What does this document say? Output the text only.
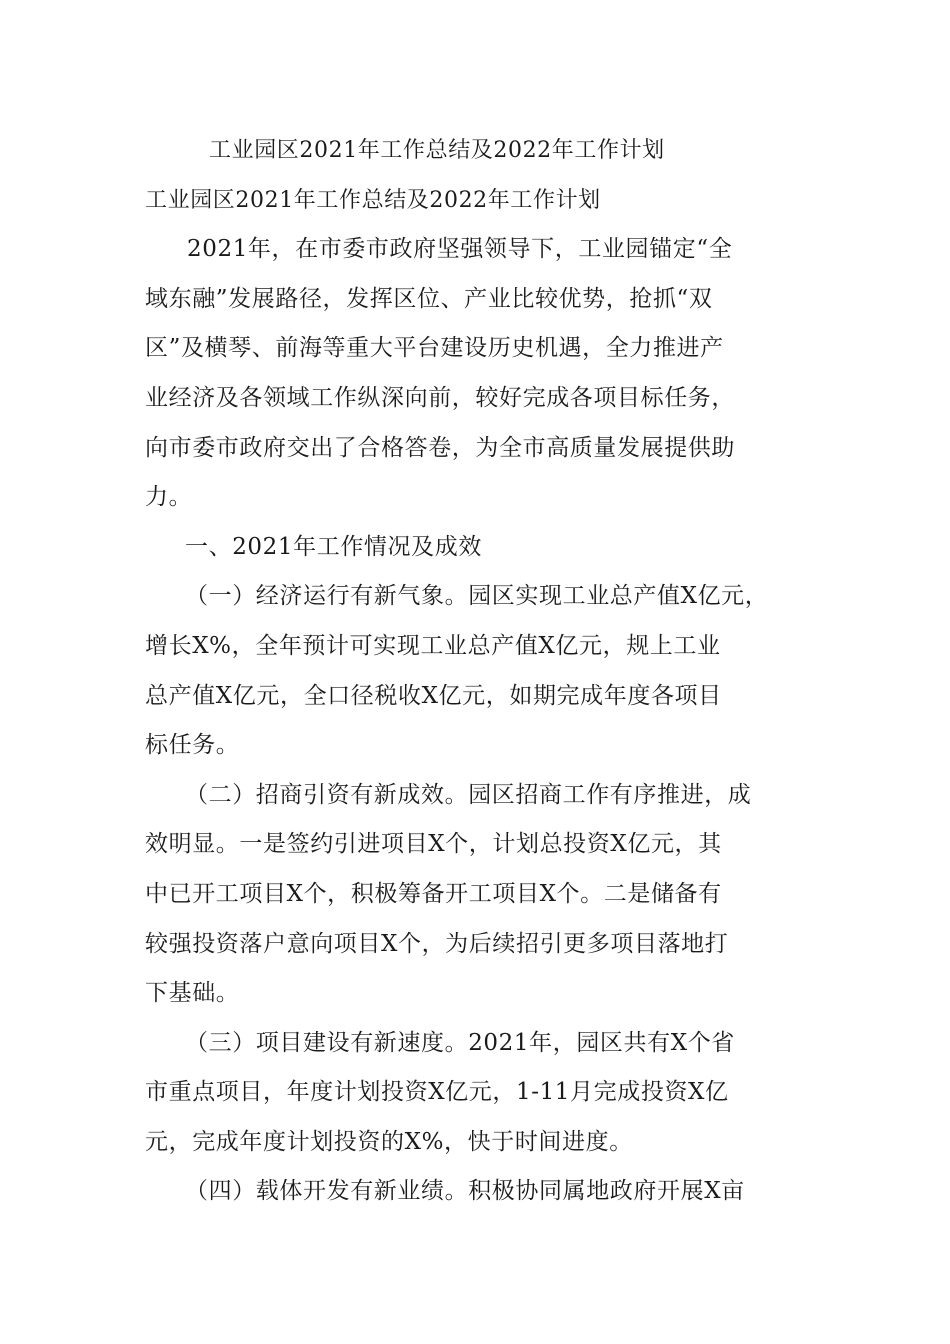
工业园区2021年工作总结及2022年工作计划
工业园区2021年工作总结及2022年工作计划
2021年，在市委市政府坚强领导下，工业园锚定“全
域东融”发展路径，发挥区位、产业比较优势，抢抓“双
区”及横琴、前海等重大平台建设历史机遇，全力推进产
业经济及各领域工作纵深向前，较好完成各项目标任务，
向市委市政府交出了合格答卷，为全市高质量发展提供助
力。
一、2021年工作情况及成效
（一）经济运行有新气象。园区实现工业总产值X亿元，
增长X%，全年预计可实现工业总产值X亿元，规上工业
总产值X亿元，全口径税收X亿元，如期完成年度各项目
标任务。
（二）招商引资有新成效。园区招商工作有序推进，成
效明显。一是签约引进项目X个，计划总投资X亿元，其
中已开工项目X个，积极筹备开工项目X个。二是储备有
较强投资落户意向项目X个，为后续招引更多项目落地打
下基础。
（三）项目建设有新速度。2021年，园区共有X个省
市重点项目，年度计划投资X亿元，1-11月完成投资X亿
元，完成年度计划投资的X%，快于时间进度。
（四）载体开发有新业绩。积极协同属地政府开展X亩
